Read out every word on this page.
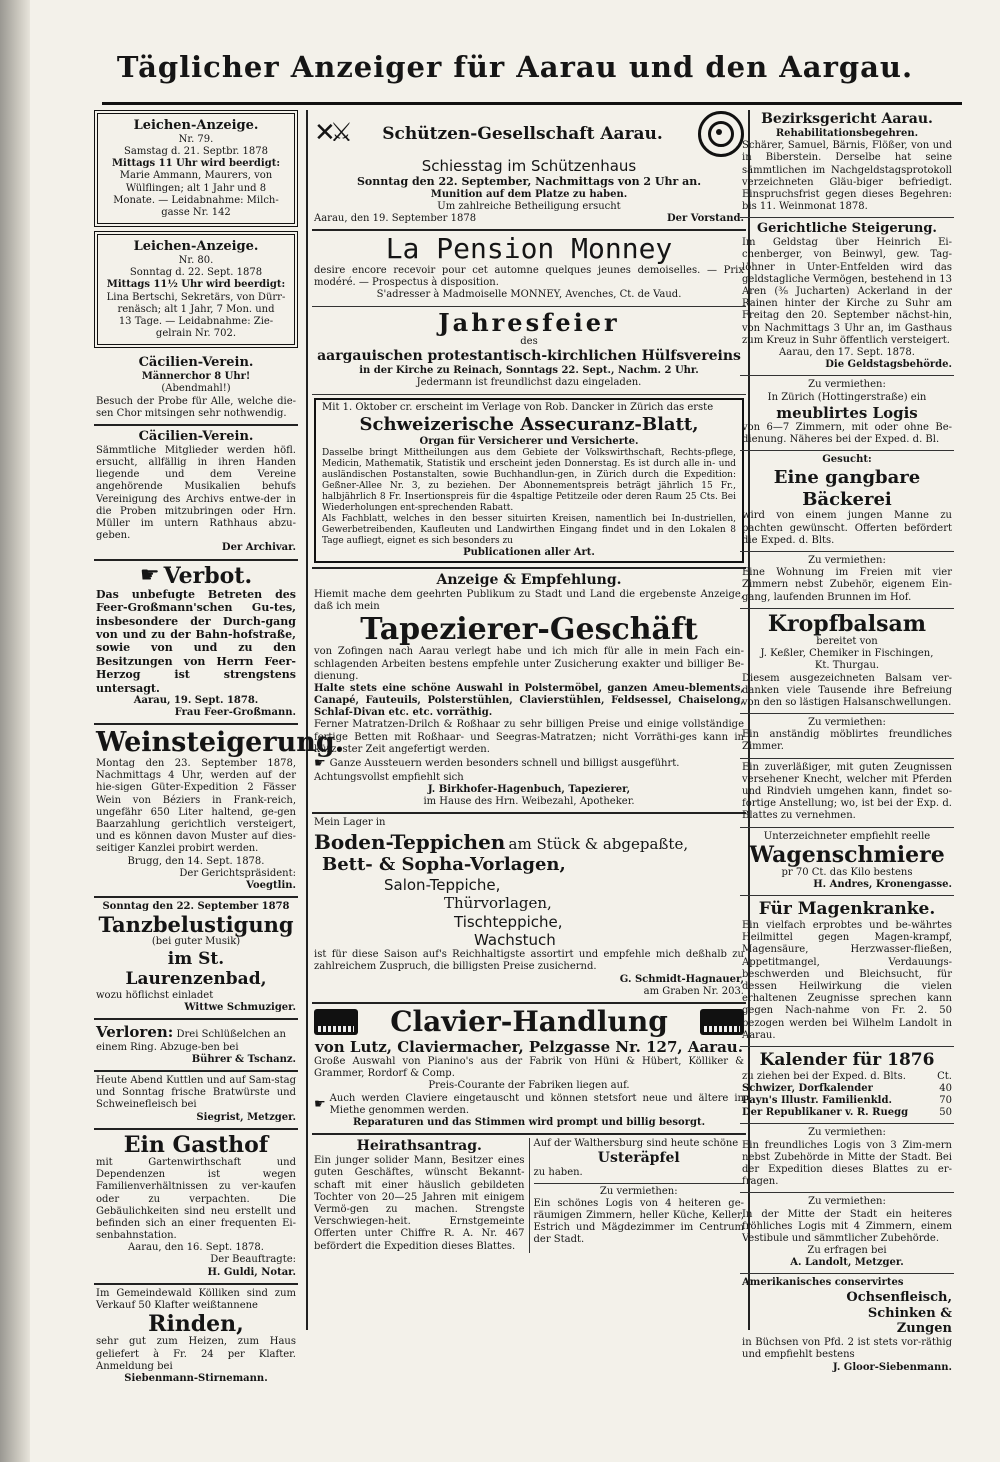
Täglicher Anzeiger für Aarau und den Aargau.
Leichen-Anzeige.
Nr. 79.
Samstag d. 21. Septbr. 1878
Mittags 11 Uhr wird beerdigt:
Marie Ammann, Maurers, von
Wülflingen; alt 1 Jahr und 8
Monate. — Leidabnahme: Milch-
gasse Nr. 142
Leichen-Anzeige.
Nr. 80.
Sonntag d. 22. Sept. 1878
Mittags 11½ Uhr wird beerdigt:
Lina Bertschi, Sekretärs, von Dürr-
renäsch; alt 1 Jahr, 7 Mon. und
13 Tage. — Leidabnahme: Zie-
gelrain Nr. 702.
Cäcilien-Verein.
Männerchor 8 Uhr!
(Abendmahl!)
Besuch der Probe für Alle, welche die-sen Chor mitsingen sehr nothwendig.
Cäcilien-Verein.
Sämmtliche Mitglieder werden höfl. ersucht, allfällig in ihren Handen liegende und dem Vereine angehörende Musikalien behufs Vereinigung des Archivs entwe-der in die Proben mitzubringen oder Hrn. Müller im untern Rathhaus abzu-geben.
Der Archivar.
☛ Verbot.
Das unbefugte Betreten des Feer-Großmann'schen Gu-tes, insbesondere der Durch-gang von und zu der Bahn-hofstraße, sowie von und zu den Besitzungen von Herrn Feer-Herzog ist strengstens untersagt.
Aarau, 19. Sept. 1878.
Frau Feer-Großmann.
Weinsteigerung.
Montag den 23. September 1878, Nachmittags 4 Uhr, werden auf der hie-sigen Güter-Expedition 2 Fässer Wein von Béziers in Frank-reich, ungefähr 650 Liter haltend, ge-gen Baarzahlung gerichtlich versteigert, und es können davon Muster auf dies-seitiger Kanzlei probirt werden.
Brugg, den 14. Sept. 1878.
Der Gerichtspräsident:
Voegtlin.
Sonntag den 22. September 1878
Tanzbelustigung
(bei guter Musik)
im St. Laurenzenbad,
wozu höflichst einladet
Wittwe Schmuziger.
Verloren: Drei Schlüßelchen an einem Ring. Abzuge-ben bei
Bührer & Tschanz.
Heute Abend Kuttlen und auf Sam-stag und Sonntag frische Bratwürste und Schweinefleisch bei
Siegrist, Metzger.
Ein Gasthof
mit Gartenwirthschaft und Dependenzen ist wegen Familienverhältnissen zu ver-kaufen oder zu verpachten. Die Gebäulichkeiten sind neu erstellt und befinden sich an einer frequenten Ei-senbahnstation.
Aarau, den 16. Sept. 1878.
Der Beauftragte:
H. Guldi, Notar.
Im Gemeindewald Kölliken sind zum Verkauf 50 Klafter weißtannene
Rinden,
sehr gut zum Heizen, zum Haus geliefert à Fr. 24 per Klafter. Anmeldung bei
Siebenmann-Stirnemann.
✕⚔ Schützen-Gesellschaft Aarau.
Schiesstag im Schützenhaus
Sonntag den 22. September, Nachmittags von 2 Uhr an.
Munition auf dem Platze zu haben.
Um zahlreiche Betheiligung ersucht
Aarau, den 19. September 1878	Der Vorstand.
La Pension Monney
desire encore recevoir pour cet automne quelques jeunes demoiselles. — Prix modéré. — Prospectus à disposition.
S'adresser à Madmoiselle MONNEY, Avenches, Ct. de Vaud.
Jahresfeier
des
aargauischen protestantisch-kirchlichen Hülfsvereins
in der Kirche zu Reinach, Sonntags 22. Sept., Nachm. 2 Uhr.
Jedermann ist freundlichst dazu eingeladen.
Mit 1. Oktober cr. erscheint im Verlage von Rob. Dancker in Zürich das erste
Schweizerische Assecuranz-Blatt,
Organ für Versicherer und Versicherte.
Dasselbe bringt Mittheilungen aus dem Gebiete der Volkswirthschaft, Rechts-pflege, Medicin, Mathematik, Statistik und erscheint jeden Donnerstag. Es ist durch alle in- und ausländischen Postanstalten, sowie Buchhandlun-gen, in Zürich durch die Expedition: Geßner-Allee Nr. 3, zu beziehen. Der Abonnementspreis beträgt jährlich 15 Fr., halbjährlich 8 Fr. Insertionspreis für die 4spaltige Petitzeile oder deren Raum 25 Cts. Bei Wiederholungen ent-sprechenden Rabatt.
Als Fachblatt, welches in den besser situirten Kreisen, namentlich bei In-dustriellen, Gewerbetreibenden, Kaufleuten und Landwirthen Eingang findet und in den Lokalen 8 Tage aufliegt, eignet es sich besonders zu
Publicationen aller Art.
Anzeige & Empfehlung.
Hiemit mache dem geehrten Publikum zu Stadt und Land die ergebenste Anzeige, daß ich mein
Tapezierer-Geschäft
von Zofingen nach Aarau verlegt habe und ich mich für alle in mein Fach ein-schlagenden Arbeiten bestens empfehle unter Zusicherung exakter und billiger Be-dienung.
Halte stets eine schöne Auswahl in Polstermöbel, ganzen Ameu-blements, Canapé, Fauteuils, Polsterstühlen, Clavierstühlen, Feldsessel, Chaiselong, Schlaf-Divan etc. etc. vorräthig.
Ferner Matratzen-Drilch & Roßhaar zu sehr billigen Preise und einige vollständige fertige Betten mit Roßhaar- und Seegras-Matratzen; nicht Vorräthi-ges kann in kürzester Zeit angefertigt werden.
☛ Ganze Aussteuern werden besonders schnell und billigst ausgeführt.
Achtungsvollst empfiehlt sich
J. Birkhofer-Hagenbuch, Tapezierer,
im Hause des Hrn. Weibezahl, Apotheker.
Mein Lager in
Boden-Teppichen am Stück & abgepaßte,
Bett- & Sopha-Vorlagen,
Salon-Teppiche,
Thürvorlagen,
Tischteppiche,
Wachstuch
ist für diese Saison auf's Reichhaltigste assortirt und empfehle mich deßhalb zu zahlreichem Zuspruch, die billigsten Preise zusichernd.
G. Schmidt-Hagnauer,
am Graben Nr. 203.
Clavier-Handlung
von Lutz, Claviermacher, Pelzgasse Nr. 127, Aarau.
Große Auswahl von Pianino's aus der Fabrik von Hüni & Hübert, Kölliker & Grammer, Rordorf & Comp.
Preis-Courante der Fabriken liegen auf.
☛ Auch werden Claviere eingetauscht und können stetsfort neue und ältere in Miethe genommen werden.
Reparaturen und das Stimmen wird prompt und billig besorgt.
Heirathsantrag.
Ein junger solider Mann, Besitzer eines guten Geschäftes, wünscht Bekannt-schaft mit einer häuslich gebildeten Tochter von 20—25 Jahren mit einigem Vermö-gen zu machen. Strengste Verschwiegen-heit. Ernstgemeinte Offerten unter Chiffre R. A. Nr. 467 befördert die Expedition dieses Blattes.
Auf der Walthersburg sind heute schöne
Usteräpfel
zu haben.
Zu vermiethen:
Ein schönes Logis von 4 heiteren ge-räumigen Zimmern, heller Küche, Keller, Estrich und Mägdezimmer im Centrum der Stadt.
Bezirksgericht Aarau.
Rehabilitationsbegehren.
Schärer, Samuel, Bärnis, Flößer, von und in Biberstein. Derselbe hat seine sämmtlichen im Nachgeldstagsprotokoll verzeichneten Gläu-biger befriedigt. Einspruchsfrist gegen dieses Begehren: bis 11. Weinmonat 1878.
Gerichtliche Steigerung.
Im Geldstag über Heinrich Ei-chenberger, von Beinwyl, gew. Tag-löhner in Unter-Entfelden wird das geldstagliche Vermögen, bestehend in 13 Aren (³⁄₈ Jucharten) Ackerland in der Rainen hinter der Kirche zu Suhr am Freitag den 20. September nächst-hin, von Nachmittags 3 Uhr an, im Gasthaus zum Kreuz in Suhr öffentlich versteigert.
Aarau, den 17. Sept. 1878.
Die Geldstagsbehörde.
Zu vermiethen:
In Zürich (Hottingerstraße) ein
meublirtes Logis
von 6—7 Zimmern, mit oder ohne Be-dienung. Näheres bei der Exped. d. Bl.
Gesucht:
Eine gangbare Bäckerei
wird von einem jungen Manne zu pachten gewünscht. Offerten befördert die Exped. d. Blts.
Zu vermiethen:
Eine Wohnung im Freien mit vier Zimmern nebst Zubehör, eigenem Ein-gang, laufenden Brunnen im Hof.
Kropfbalsam
bereitet von
J. Keßler, Chemiker in Fischingen,
Kt. Thurgau.
Diesem ausgezeichneten Balsam ver-danken viele Tausende ihre Befreiung von den so lästigen Halsanschwellungen.
Zu vermiethen:
Ein anständig möblirtes freundliches Zimmer.
Ein zuverläßiger, mit guten Zeugnissen versehener Knecht, welcher mit Pferden und Rindvieh umgehen kann, findet so-fortige Anstellung; wo, ist bei der Exp. d. Blattes zu vernehmen.
Unterzeichneter empfiehlt reelle
Wagenschmiere
pr 70 Ct. das Kilo bestens
H. Andres, Kronengasse.
Für Magenkranke.
Ein vielfach erprobtes und be-währtes Heilmittel gegen Magen-krampf, Magensäure, Herzwasser-fließen, Appetitmangel, Verdauungs-beschwerden und Bleichsucht, für dessen Heilwirkung die vielen erhaltenen Zeugnisse sprechen kann gegen Nach-nahme von Fr. 2. 50 bezogen werden bei Wilhelm Landolt in Aarau.
Kalender für 1876
zu ziehen bei der Exped. d. Blts.	Ct.
Schwizer, Dorfkalender	40
Payn's Illustr. Familienkld.	70
Der Republikaner v. R. Ruegg	50
Zu vermiethen:
Ein freundliches Logis von 3 Zim-mern nebst Zubehörde in Mitte der Stadt. Bei der Expedition dieses Blattes zu er-fragen.
Zu vermiethen:
In der Mitte der Stadt ein heiteres fröhliches Logis mit 4 Zimmern, einem Vestibule und sämmtlicher Zubehörde.
Zu erfragen bei
A. Landolt, Metzger.
Amerikanisches conservirtes
Ochsenfleisch,
Schinken &
Zungen
in Büchsen von Pfd. 2 ist stets vor-räthig und empfiehlt bestens
J. Gloor-Siebenmann.
